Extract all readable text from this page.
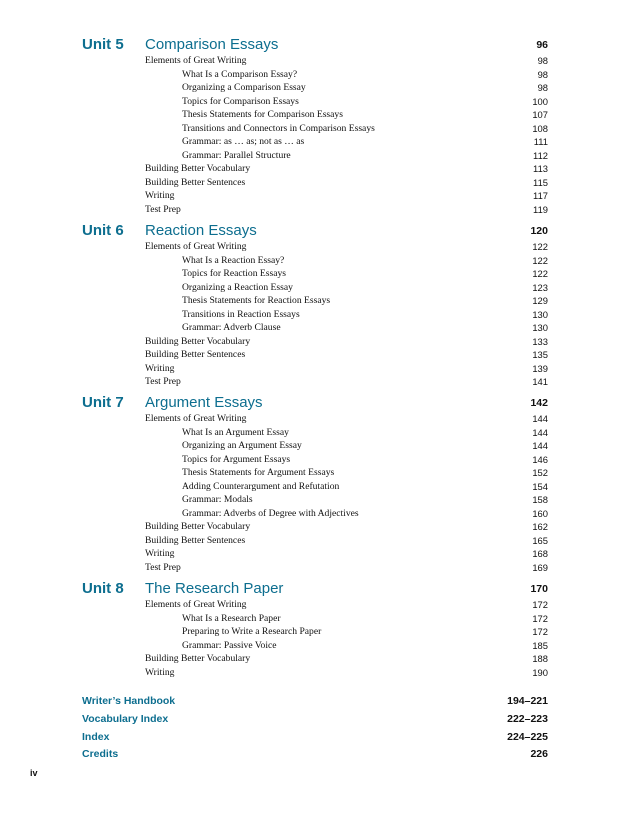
Unit 5 Comparison Essays	96
Elements of Great Writing	98
What Is a Comparison Essay?	98
Organizing a Comparison Essay	98
Topics for Comparison Essays	100
Thesis Statements for Comparison Essays	107
Transitions and Connectors in Comparison Essays	108
Grammar: as … as; not as … as	111
Grammar: Parallel Structure	112
Building Better Vocabulary	113
Building Better Sentences	115
Writing	117
Test Prep	119
Unit 6 Reaction Essays	120
Elements of Great Writing	122
What Is a Reaction Essay?	122
Topics for Reaction Essays	122
Organizing a Reaction Essay	123
Thesis Statements for Reaction Essays	129
Transitions in Reaction Essays	130
Grammar: Adverb Clause	130
Building Better Vocabulary	133
Building Better Sentences	135
Writing	139
Test Prep	141
Unit 7 Argument Essays	142
Elements of Great Writing	144
What Is an Argument Essay	144
Organizing an Argument Essay	144
Topics for Argument Essays	146
Thesis Statements for Argument Essays	152
Adding Counterargument and Refutation	154
Grammar: Modals	158
Grammar: Adverbs of Degree with Adjectives	160
Building Better Vocabulary	162
Building Better Sentences	165
Writing	168
Test Prep	169
Unit 8 The Research Paper	170
Elements of Great Writing	172
What Is a Research Paper	172
Preparing to Write a Research Paper	172
Grammar: Passive Voice	185
Building Better Vocabulary	188
Writing	190
Writer’s Handbook	194–221
Vocabulary Index	222–223
Index	224–225
Credits	226
iv
